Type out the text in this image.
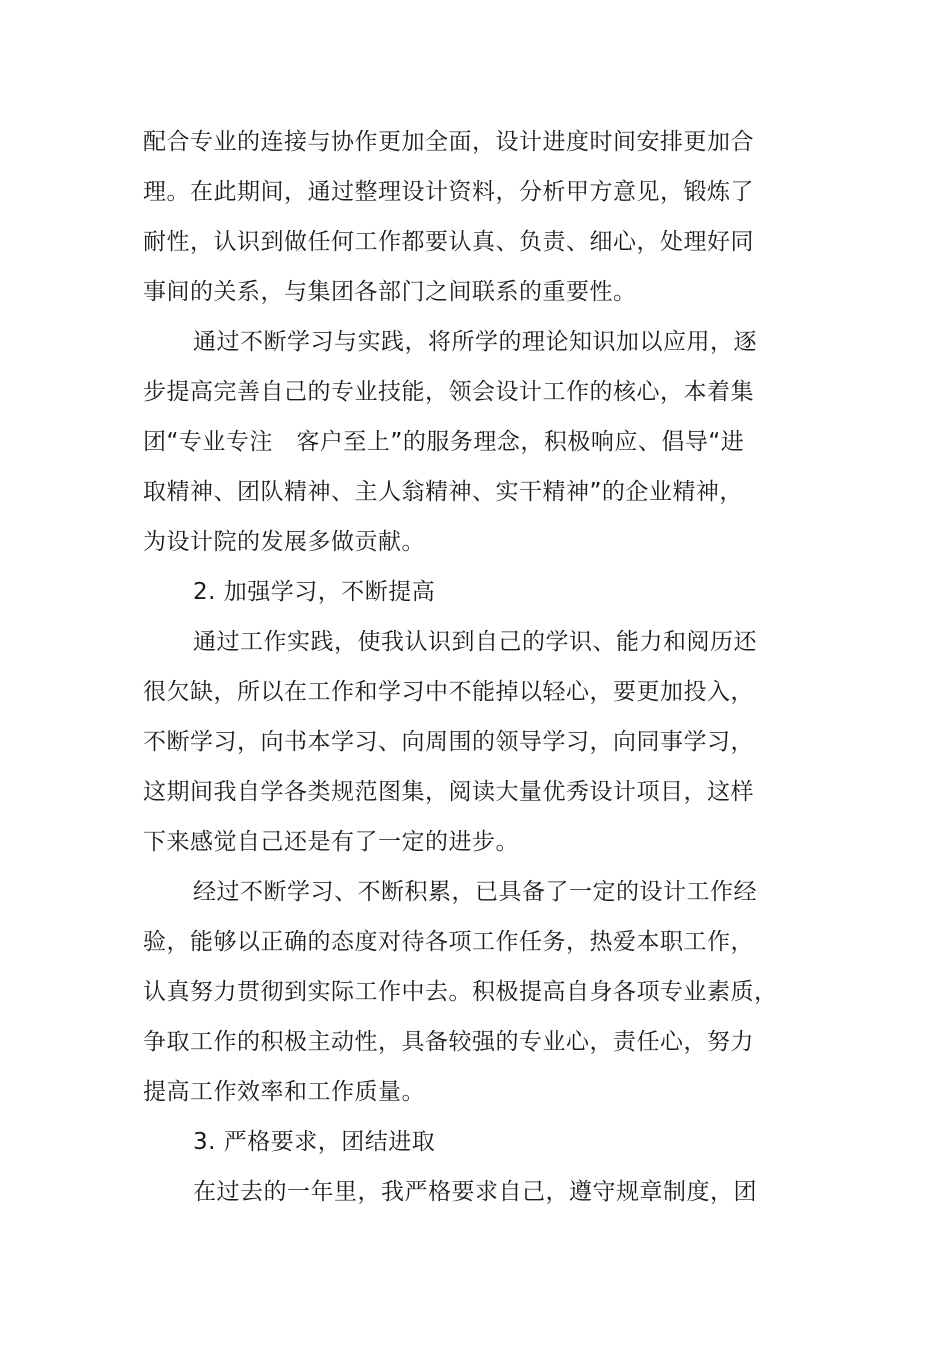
配合专业的连接与协作更加全面，设计进度时间安排更加合
理。在此期间，通过整理设计资料，分析甲方意见，锻炼了
耐性，认识到做任何工作都要认真、负责、细心，处理好同
事间的关系，与集团各部门之间联系的重要性。
通过不断学习与实践，将所学的理论知识加以应用，逐
步提高完善自己的专业技能，领会设计工作的核心，本着集
团“专业专注　客户至上”的服务理念，积极响应、倡导“进
取精神、团队精神、主人翁精神、实干精神”的企业精神，
为设计院的发展多做贡献。
2. 加强学习，不断提高
通过工作实践，使我认识到自己的学识、能力和阅历还
很欠缺，所以在工作和学习中不能掉以轻心，要更加投入，
不断学习，向书本学习、向周围的领导学习，向同事学习，
这期间我自学各类规范图集，阅读大量优秀设计项目，这样
下来感觉自己还是有了一定的进步。
经过不断学习、不断积累，已具备了一定的设计工作经
验，能够以正确的态度对待各项工作任务，热爱本职工作，
认真努力贯彻到实际工作中去。积极提高自身各项专业素质，
争取工作的积极主动性，具备较强的专业心，责任心，努力
提高工作效率和工作质量。
3. 严格要求，团结进取
在过去的一年里，我严格要求自己，遵守规章制度，团
